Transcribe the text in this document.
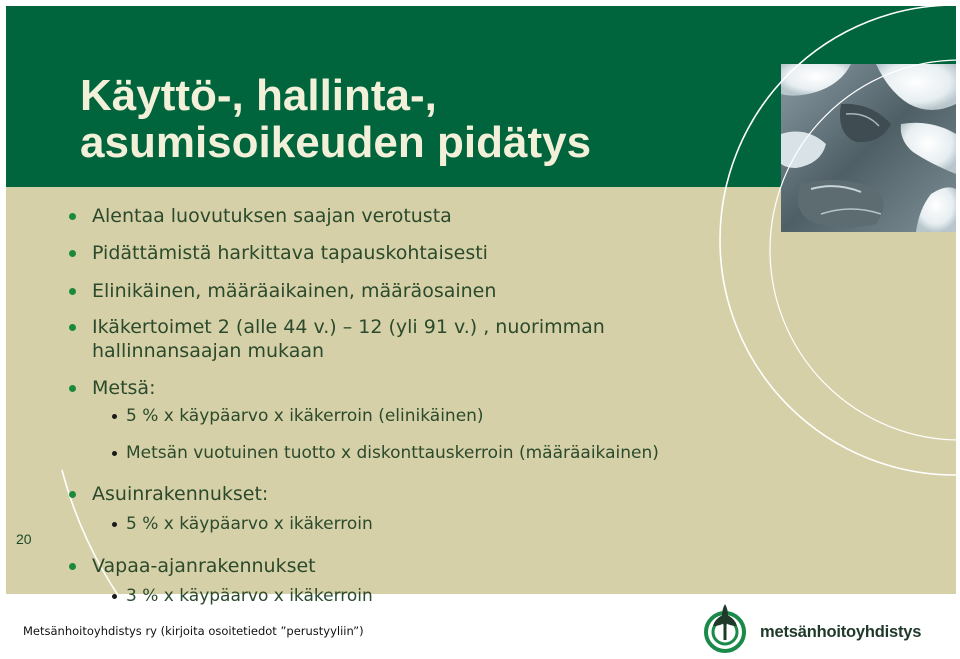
Käyttö-, hallinta-,
asumisoikeuden pidätys
Alentaa luovutuksen saajan verotusta
Pidättämistä harkittava tapauskohtaisesti
Elinikäinen, määräaikainen, määräosainen
Ikäkertoimet 2 (alle 44 v.) – 12 (yli 91 v.) , nuorimman
hallinnansaajan mukaan
Metsä:
5 % x käypäarvo x ikäkerroin (elinikäinen)
Metsän vuotuinen tuotto x diskonttauskerroin (määräaikainen)
Asuinrakennukset:
5 % x käypäarvo x ikäkerroin
Vapaa-ajanrakennukset
3 % x käypäarvo x ikäkerroin
20
Metsänhoitoyhdistys ry (kirjoita osoitetiedot ”perustyyliin”)	metsänhoitoyhdistys
